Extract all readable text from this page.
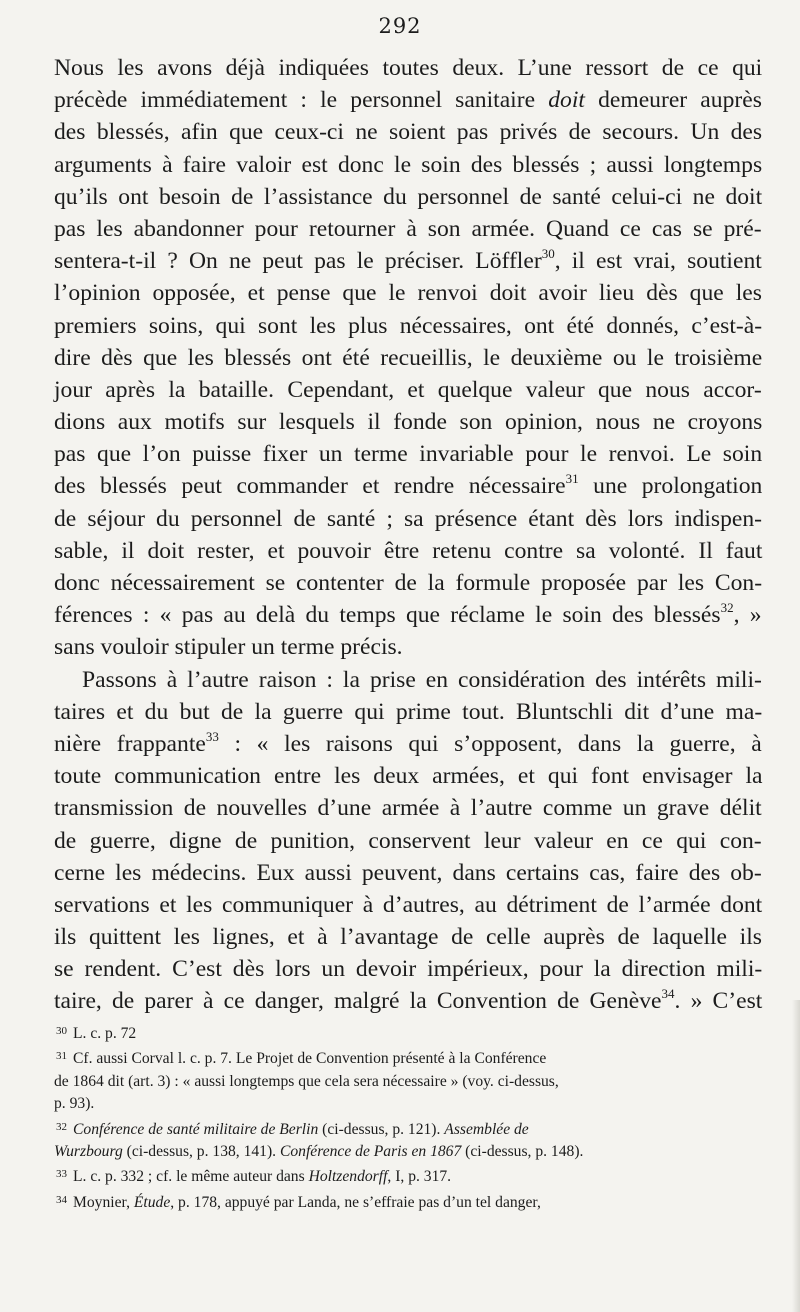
292
Nous les avons déjà indiquées toutes deux. L’une ressort de ce qui
précède immédiatement : le personnel sanitaire doit demeurer auprès
des blessés, afin que ceux-ci ne soient pas privés de secours. Un des
arguments à faire valoir est donc le soin des blessés ; aussi longtemps
qu’ils ont besoin de l’assistance du personnel de santé celui-ci ne doit
pas les abandonner pour retourner à son armée. Quand ce cas se pré-
sentera-t-il ? On ne peut pas le préciser. Löffler$^{30}$, il est vrai, soutient
l’opinion opposée, et pense que le renvoi doit avoir lieu dès que les
premiers soins, qui sont les plus nécessaires, ont été donnés, c’est-à-
dire dès que les blessés ont été recueillis, le deuxième ou le troisième
jour après la bataille. Cependant, et quelque valeur que nous accor-
dions aux motifs sur lesquels il fonde son opinion, nous ne croyons
pas que l’on puisse fixer un terme invariable pour le renvoi. Le soin
des blessés peut commander et rendre nécessaire$^{31}$ une prolongation
de séjour du personnel de santé ; sa présence étant dès lors indispen-
sable, il doit rester, et pouvoir être retenu contre sa volonté. Il faut
donc nécessairement se contenter de la formule proposée par les Con-
férences : « pas au delà du temps que réclame le soin des blessés$^{32}$, »
sans vouloir stipuler un terme précis.
Passons à l’autre raison : la prise en considération des intérêts mili-
taires et du but de la guerre qui prime tout. Bluntschli dit d’une ma-
nière frappante$^{33}$ : « les raisons qui s’opposent, dans la guerre, à
toute communication entre les deux armées, et qui font envisager la
transmission de nouvelles d’une armée à l’autre comme un grave délit
de guerre, digne de punition, conservent leur valeur en ce qui con-
cerne les médecins. Eux aussi peuvent, dans certains cas, faire des ob-
servations et les communiquer à d’autres, au détriment de l’armée dont
ils quittent les lignes, et à l’avantage de celle auprès de laquelle ils
se rendent. C’est dès lors un devoir impérieux, pour la direction mili-
taire, de parer à ce danger, malgré la Convention de Genève$^{34}$. » C’est
$^{30}$ L. c. p. 72
$^{31}$ Cf. aussi Corval l. c. p. 7. Le Projet de Convention présenté à la Conférence
de 1864 dit (art. 3) : « aussi longtemps que cela sera nécessaire » (voy. ci-dessus,
p. 93).
$^{32}$ Conférence de santé militaire de Berlin (ci-dessus, p. 121). Assemblée de
Wurzbourg (ci-dessus, p. 138, 141). Conférence de Paris en 1867 (ci-dessus, p. 148).
$^{33}$ L. c. p. 332 ; cf. le même auteur dans Holtzendorff, I, p. 317.
$^{34}$ Moynier, Étude, p. 178, appuyé par Landa, ne s’effraie pas d’un tel danger,
